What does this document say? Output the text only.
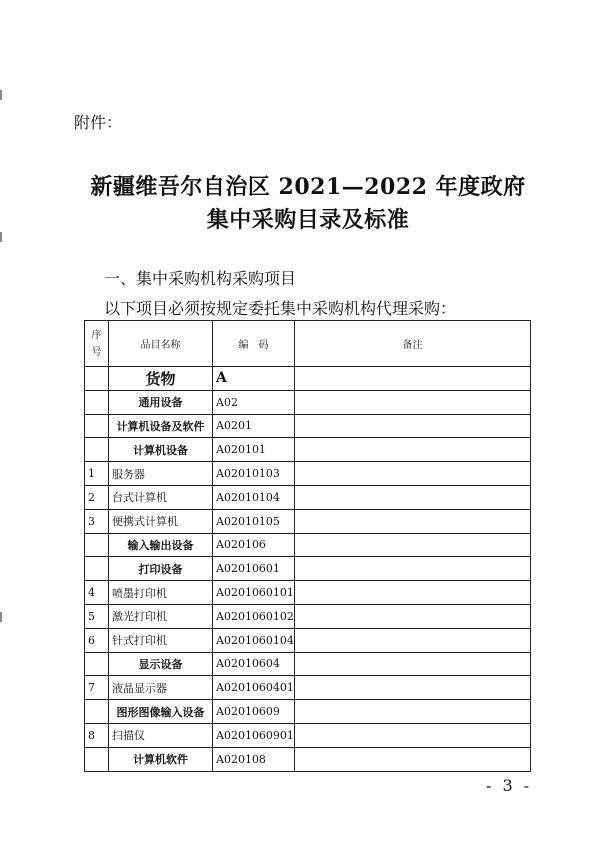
附件：
新疆维吾尔自治区 2021—2022 年度政府
集中采购目录及标准
一、集中采购机构采购项目
以下项目必须按规定委托集中采购机构代理采购：
序
号	品目名称	编　码	备注
	货物	A	
	通用设备	A02	
	计算机设备及软件	A0201	
	计算机设备	A020101	
1	服务器	A02010103	
2	台式计算机	A02010104	
3	便携式计算机	A02010105	
	输入输出设备	A020106	
	打印设备	A02010601	
4	喷墨打印机	A0201060101	
5	激光打印机	A0201060102	
6	针式打印机	A0201060104	
	显示设备	A02010604	
7	液晶显示器	A0201060401	
	图形图像输入设备	A02010609	
8	扫描仪	A0201060901	
	计算机软件	A020108	
- 3 -
